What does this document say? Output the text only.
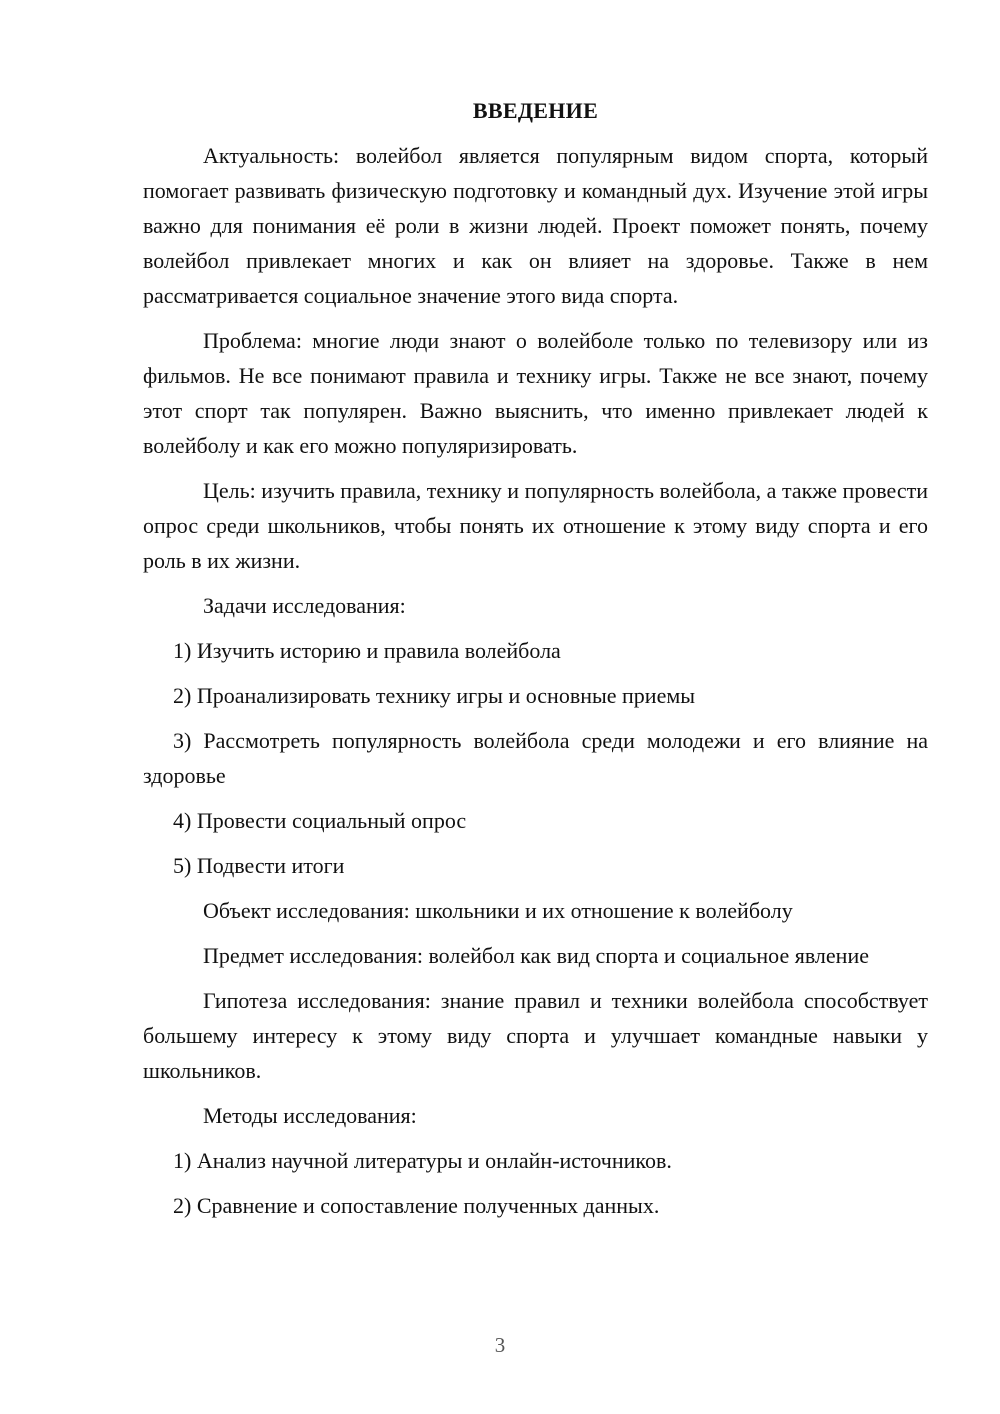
ВВЕДЕНИЕ
Актуальность: волейбол является популярным видом спорта, который помогает развивать физическую подготовку и командный дух. Изучение этой игры важно для понимания её роли в жизни людей. Проект поможет понять, почему волейбол привлекает многих и как он влияет на здоровье. Также в нем рассматривается социальное значение этого вида спорта.
Проблема: многие люди знают о волейболе только по телевизору или из фильмов. Не все понимают правила и технику игры. Также не все знают, почему этот спорт так популярен. Важно выяснить, что именно привлекает людей к волейболу и как его можно популяризировать.
Цель: изучить правила, технику и популярность волейбола, а также провести опрос среди школьников, чтобы понять их отношение к этому виду спорта и его роль в их жизни.
Задачи исследования:
1) Изучить историю и правила волейбола
2) Проанализировать технику игры и основные приемы
3) Рассмотреть популярность волейбола среди молодежи и его влияние на здоровье
4) Провести социальный опрос
5) Подвести итоги
Объект исследования: школьники и их отношение к волейболу
Предмет исследования: волейбол как вид спорта и социальное явление
Гипотеза исследования: знание правил и техники волейбола способствует большему интересу к этому виду спорта и улучшает командные навыки у школьников.
Методы исследования:
1) Анализ научной литературы и онлайн-источников.
2) Сравнение и сопоставление полученных данных.
3
